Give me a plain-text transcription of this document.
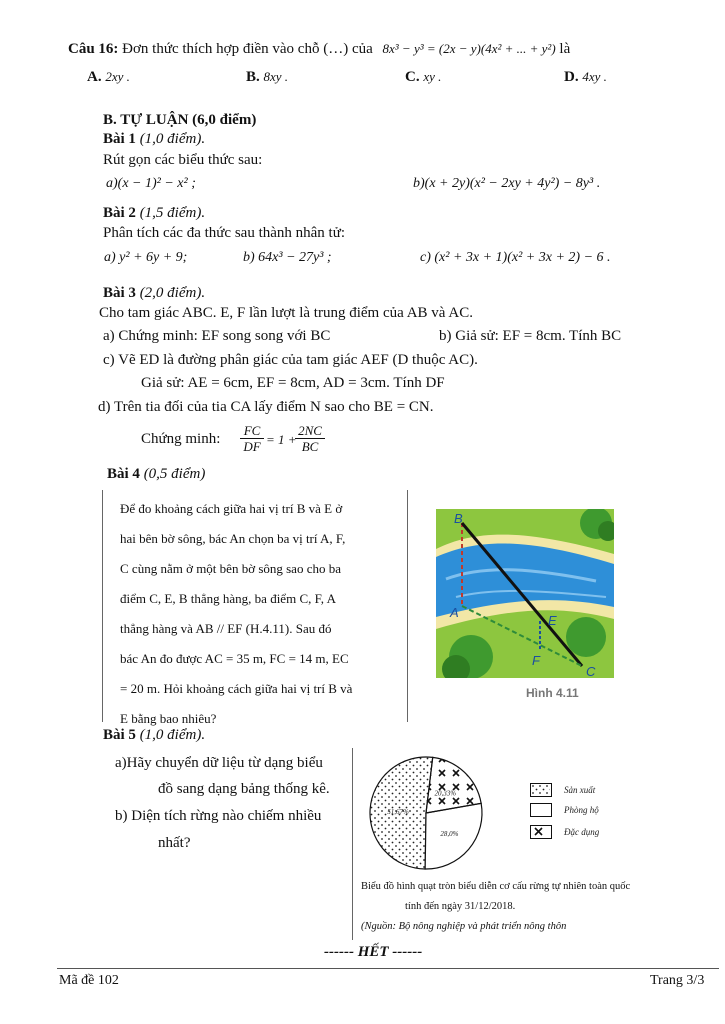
Câu 16: Đơn thức thích hợp điền vào chỗ (…) của 8x³ − y³ = (2x − y)(4x² + ... + y²) là
A. 2xy .	B. 8xy .	C. xy .	D. 4xy .
B. TỰ LUẬN (6,0 điểm)
Bài 1 (1,0 điểm).
Rút gọn các biểu thức sau:
a)(x − 1)² − x² ;	b)(x + 2y)(x² − 2xy + 4y²) − 8y³ .
Bài 2 (1,5 điểm).
Phân tích các đa thức sau thành nhân tử:
a) y² + 6y + 9;	b) 64x³ − 27y³ ;	c) (x² + 3x + 1)(x² + 3x + 2) − 6 .
Bài 3 (2,0 điểm).
Cho tam giác ABC. E, F lần lượt là trung điểm của AB và AC.
a) Chứng minh: EF song song với BC	b) Giả sử: EF = 8cm. Tính BC
c) Vẽ ED là đường phân giác của tam giác AEF (D thuộc AC).
Giả sử: AE = 6cm, EF = 8cm, AD = 3cm. Tính DF
d) Trên tia đối của tia CA lấy điểm N sao cho BE = CN.
Chứng minh: $\frac{FC}{DF} = 1$ +
$\frac{2NC}{BC}$
Bài 4 (0,5 điểm)
Để đo khoảng cách giữa hai vị trí B và E ở
hai bên bờ sông, bác An chọn ba vị trí A, F,
C cùng nằm ở một bên bờ sông sao cho ba
điểm C, E, B thẳng hàng, ba điểm C, F, A
thẳng hàng và AB // EF (H.4.11). Sau đó
bác An đo được AC = 35 m, FC = 14 m, EC
= 20 m. Hỏi khoảng cách giữa hai vị trí B và
E bằng bao nhiêu?
B
A
E
F
C
Hình 4.11
Bài 5 (1,0 điểm).
a)Hãy chuyển dữ liệu từ dạng biểu
đồ sang dạng bảng thống kê.
b) Diện tích rừng nào chiếm nhiều
nhất?
51,67%
28,0%
20,33%	Sản xuất
Phòng hộ
Đặc dụng
Biểu đồ hình quạt tròn biểu diễn cơ cấu rừng tự nhiên toàn quốc
tính đến ngày 31/12/2018.
(Nguồn: Bộ nông nghiệp và phát triển nông thôn
------ HẾT ------
Mã đề 102	Trang 3/3
